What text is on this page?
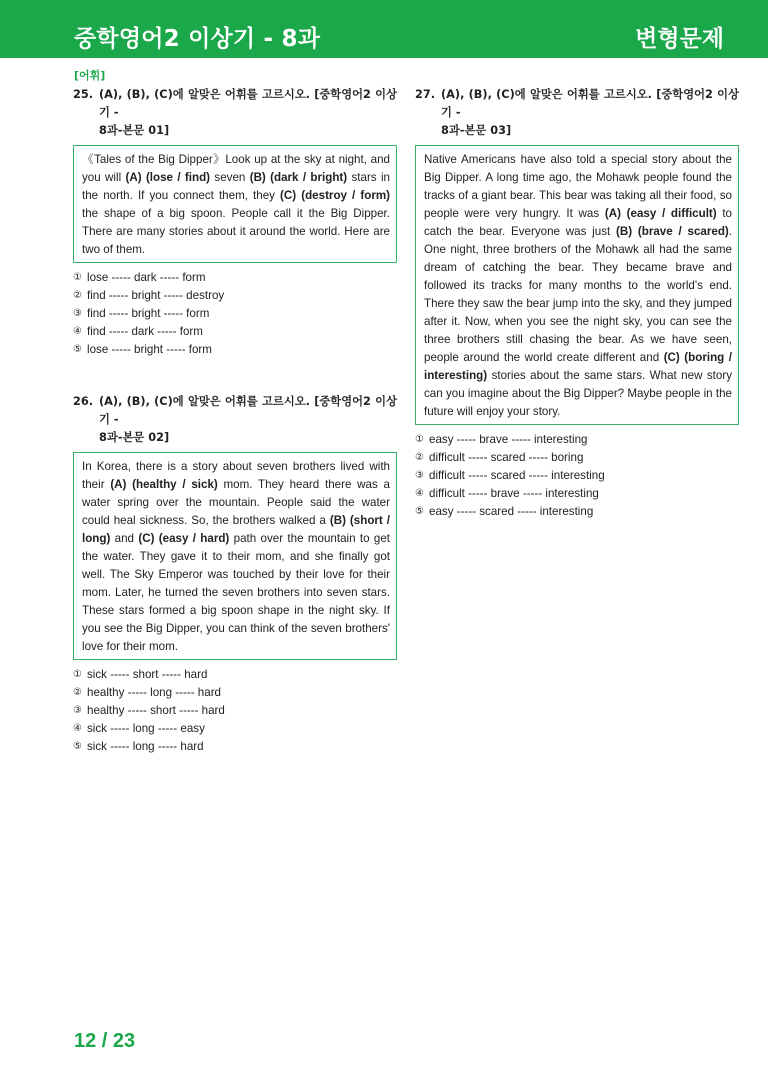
중학영어2 이상기 - 8과	변형문제
[어휘]
25. (A), (B), (C)에 알맞은 어휘를 고르시오. [중학영어2 이상기 -
8과-본문 01]
《Tales of the Big Dipper》Look up at the sky at night, and you will (A) (lose / find) seven (B) (dark / bright) stars in the north. If you connect them, they (C) (destroy / form) the shape of a big spoon. People call it the Big Dipper. There are many stories about it around the world. Here are two of them.
① lose ----- dark ----- form
② find ----- bright ----- destroy
③ find ----- bright ----- form
④ find ----- dark ----- form
⑤ lose ----- bright ----- form
26. (A), (B), (C)에 알맞은 어휘를 고르시오. [중학영어2 이상기 -
8과-본문 02]
In Korea, there is a story about seven brothers lived with their (A) (healthy / sick) mom. They heard there was a water spring over the mountain. People said the water could heal sickness. So, the brothers walked a (B) (short / long) and (C) (easy / hard) path over the mountain to get the water. They gave it to their mom, and she finally got well. The Sky Emperor was touched by their love for their mom. Later, he turned the seven brothers into seven stars. These stars formed a big spoon shape in the night sky. If you see the Big Dipper, you can think of the seven brothers' love for their mom.
① sick ----- short ----- hard
② healthy ----- long ----- hard
③ healthy ----- short ----- hard
④ sick ----- long ----- easy
⑤ sick ----- long ----- hard
27. (A), (B), (C)에 알맞은 어휘를 고르시오. [중학영어2 이상기 -
8과-본문 03]
Native Americans have also told a special story about the Big Dipper. A long time ago, the Mohawk people found the tracks of a giant bear. This bear was taking all their food, so people were very hungry. It was (A) (easy / difficult) to catch the bear. Everyone was just (B) (brave / scared). One night, three brothers of the Mohawk all had the same dream of catching the bear. They became brave and followed its tracks for many months to the world's end. There they saw the bear jump into the sky, and they jumped after it. Now, when you see the night sky, you can see the three brothers still chasing the bear. As we have seen, people around the world create different and (C) (boring / interesting) stories about the same stars. What new story can you imagine about the Big Dipper? Maybe people in the future will enjoy your story.
① easy ----- brave ----- interesting
② difficult ----- scared ----- boring
③ difficult ----- scared ----- interesting
④ difficult ----- brave ----- interesting
⑤ easy ----- scared ----- interesting
12 / 23
